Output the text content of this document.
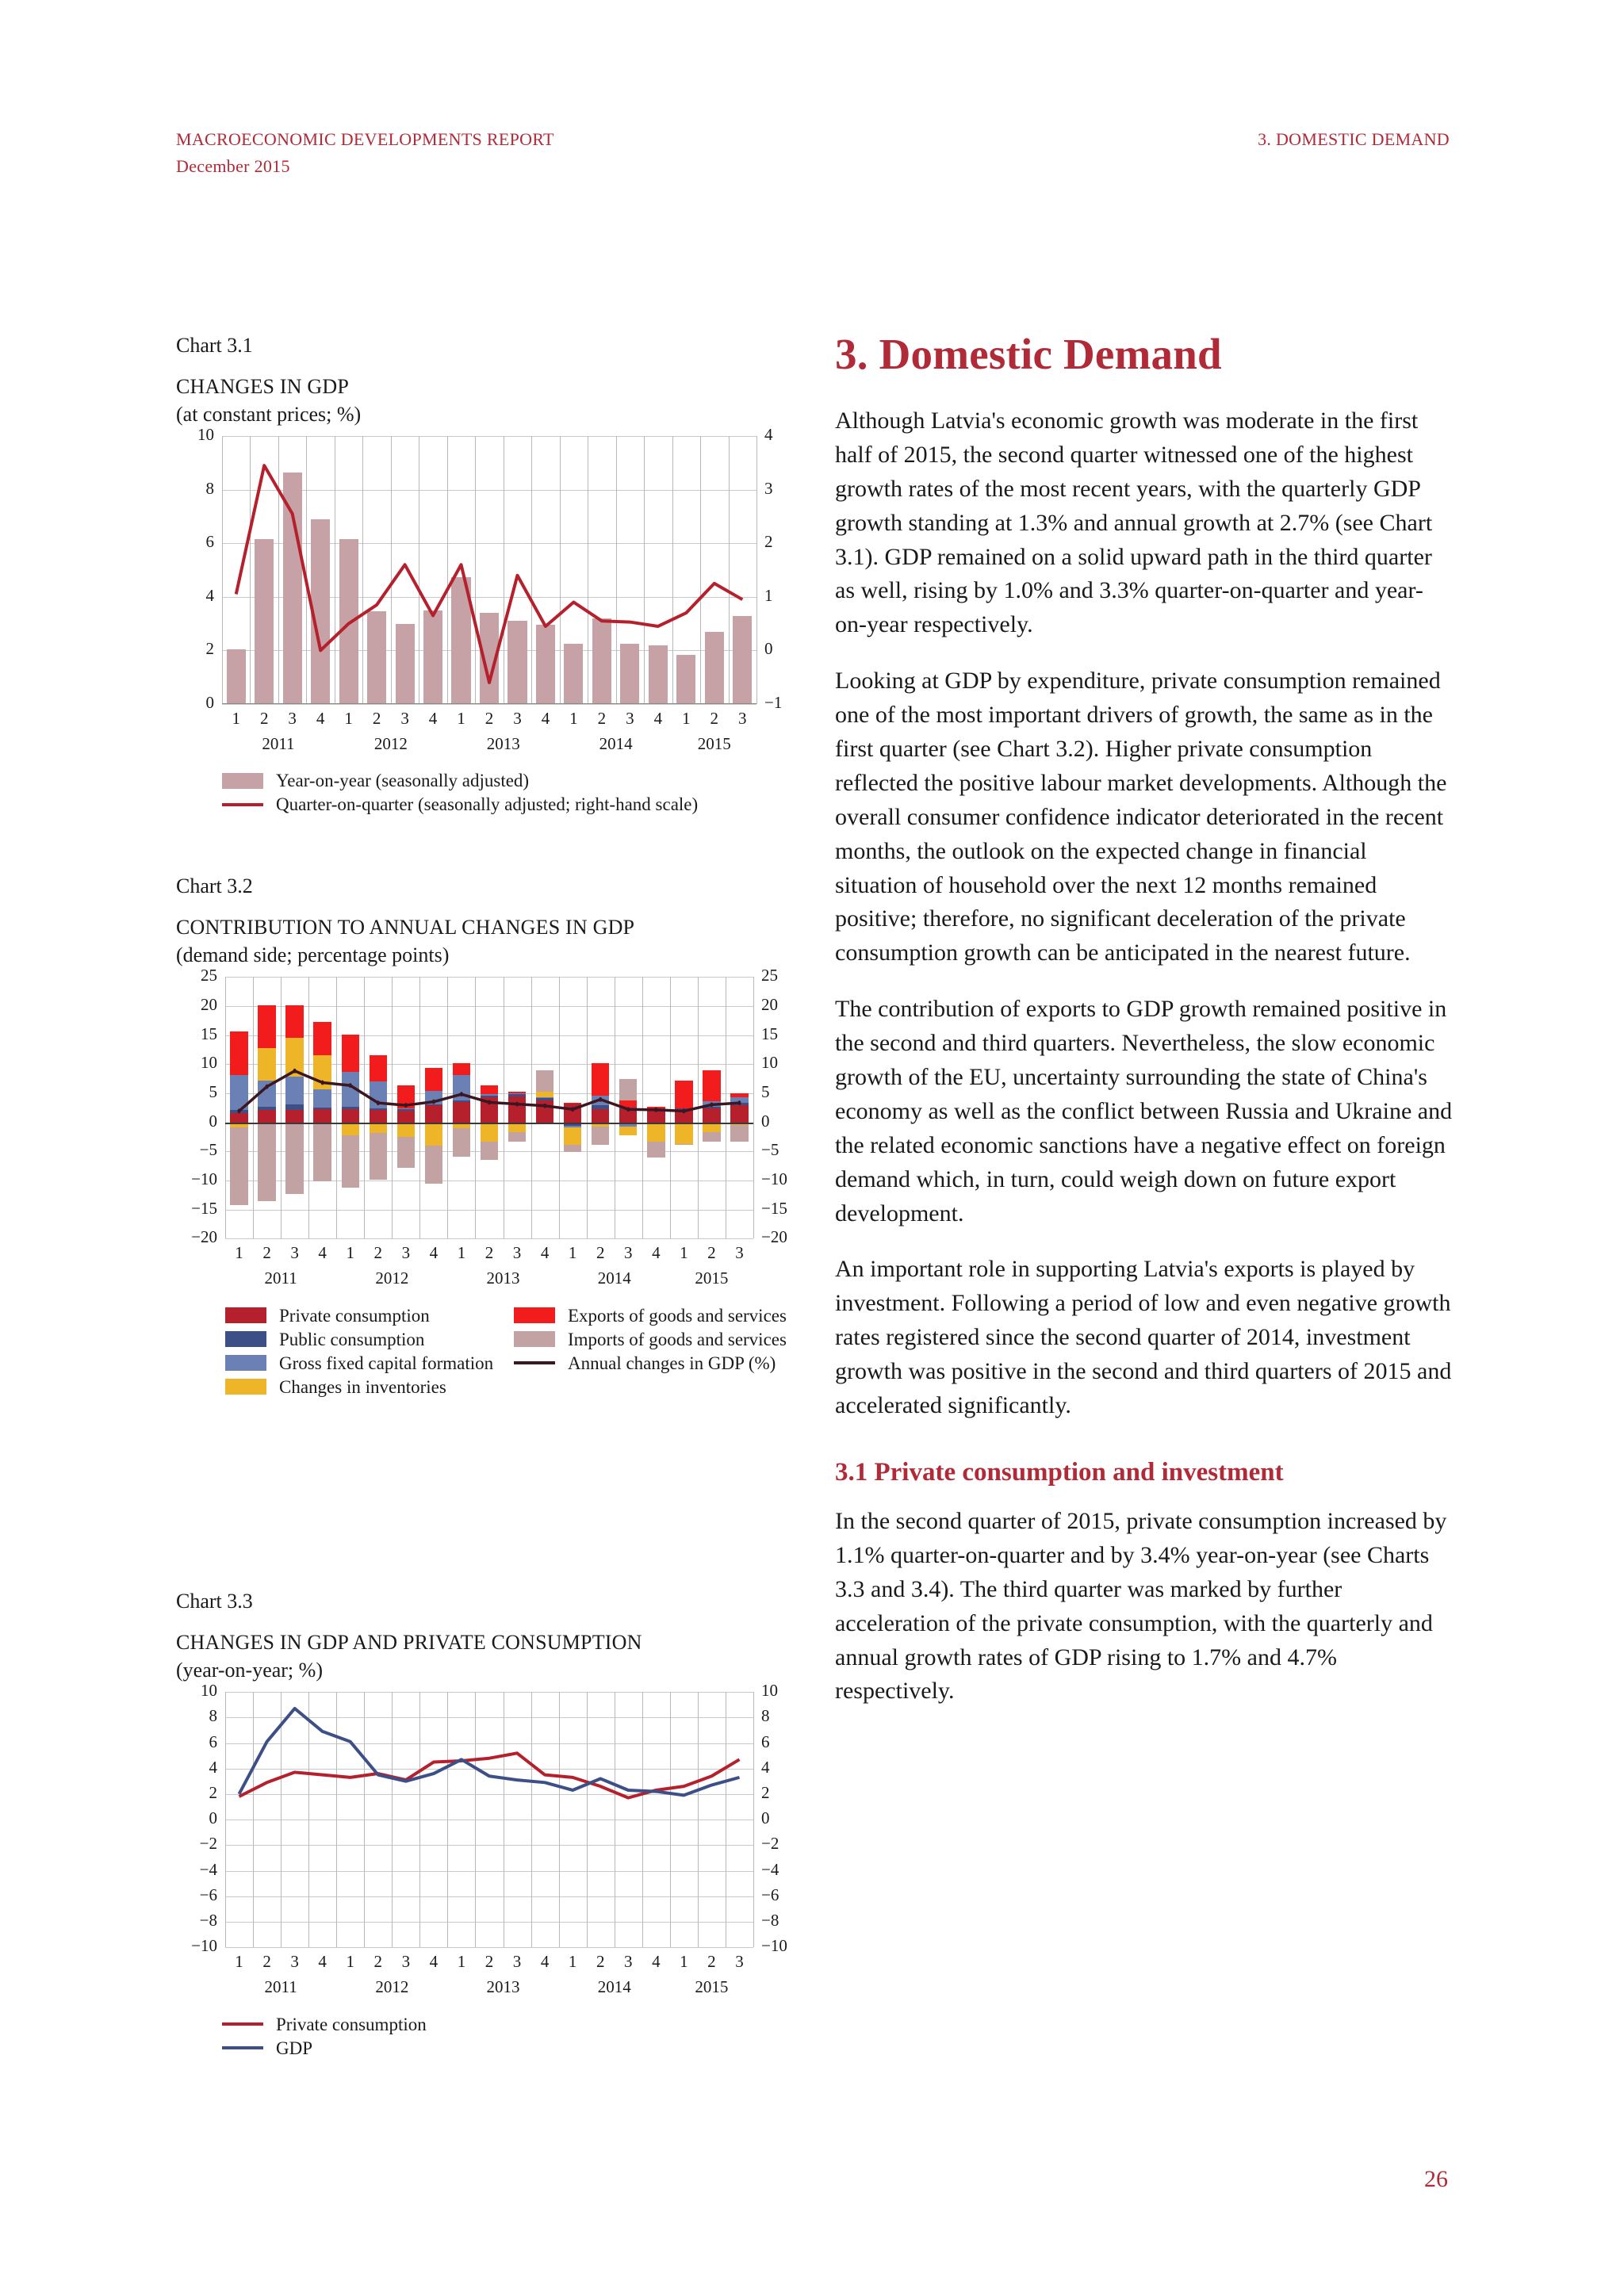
MACROECONOMIC DEVELOPMENTS REPORT
December 2015
3. DOMESTIC DEMAND
Chart 3.1
CHANGES IN GDP
(at constant prices; %)
0
2
4
6
8
10
−1
0
1
2
3
4
1 2 3 4 1 2 3 4 1 2 3 4 1 2 3 4 1 2 3
2011	2012	2013	2014	2015
Year-on-year (seasonally adjusted)
Quarter-on-quarter (seasonally adjusted; right-hand scale)
Chart 3.2
CONTRIBUTION TO ANNUAL CHANGES IN GDP
(demand side; percentage points)
−20
−15
−10
−5
0
5
10
15
20
25
−20
−15
−10
−5
0
5
10
15
20
25
1 2 3 4 1 2 3 4 1 2 3 4 1 2 3 4 1 2 3
2011	2012	2013	2014	2015
Private consumption
Public consumption
Gross fixed capital formation
Changes in inventories
Exports of goods and services
Imports of goods and services
Annual changes in GDP (%)
Chart 3.3
CHANGES IN GDP AND PRIVATE CONSUMPTION
(year-on-year; %)
−10
−8
−6
−4
−2
0
2
4
6
8
10
−10
−8
−6
−4
−2
0
2
4
6
8
10
1 2 3 4 1 2 3 4 1 2 3 4 1 2 3 4 1 2 3
2011	2012	2013	2014	2015
Private consumption
GDP
3. Domestic Demand

Although Latvia's economic growth was moderate in the first half of 2015, the second quarter witnessed one of the highest growth rates of the most recent years, with the quarterly GDP growth standing at 1.3% and annual growth at 2.7% (see Chart 3.1). GDP remained on a solid upward path in the third quarter as well, rising by 1.0% and 3.3% quarter-on-quarter and year-on-year respectively.

Looking at GDP by expenditure, private consumption remained one of the most important drivers of growth, the same as in the first quarter (see Chart 3.2). Higher private consumption reflected the positive labour market developments. Although the overall consumer confidence indicator deteriorated in the recent months, the outlook on the expected change in financial situation of household over the next 12 months remained positive; therefore, no significant deceleration of the private consumption growth can be anticipated in the nearest future.

The contribution of exports to GDP growth remained positive in the second and third quarters. Nevertheless, the slow economic growth of the EU, uncertainty surrounding the state of China's economy as well as the conflict between Russia and Ukraine and the related economic sanctions have a negative effect on foreign demand which, in turn, could weigh down on future export development.

An important role in supporting Latvia's exports is played by investment. Following a period of low and even negative growth rates registered since the second quarter of 2014, investment growth was positive in the second and third quarters of 2015 and accelerated significantly.

3.1 Private consumption and investment

In the second quarter of 2015, private consumption increased by 1.1% quarter-on-quarter and by 3.4% year-on-year (see Charts 3.3 and 3.4). The third quarter was marked by further acceleration of the private consumption, with the quarterly and annual growth rates of GDP rising to 1.7% and 4.7% respectively.

26
